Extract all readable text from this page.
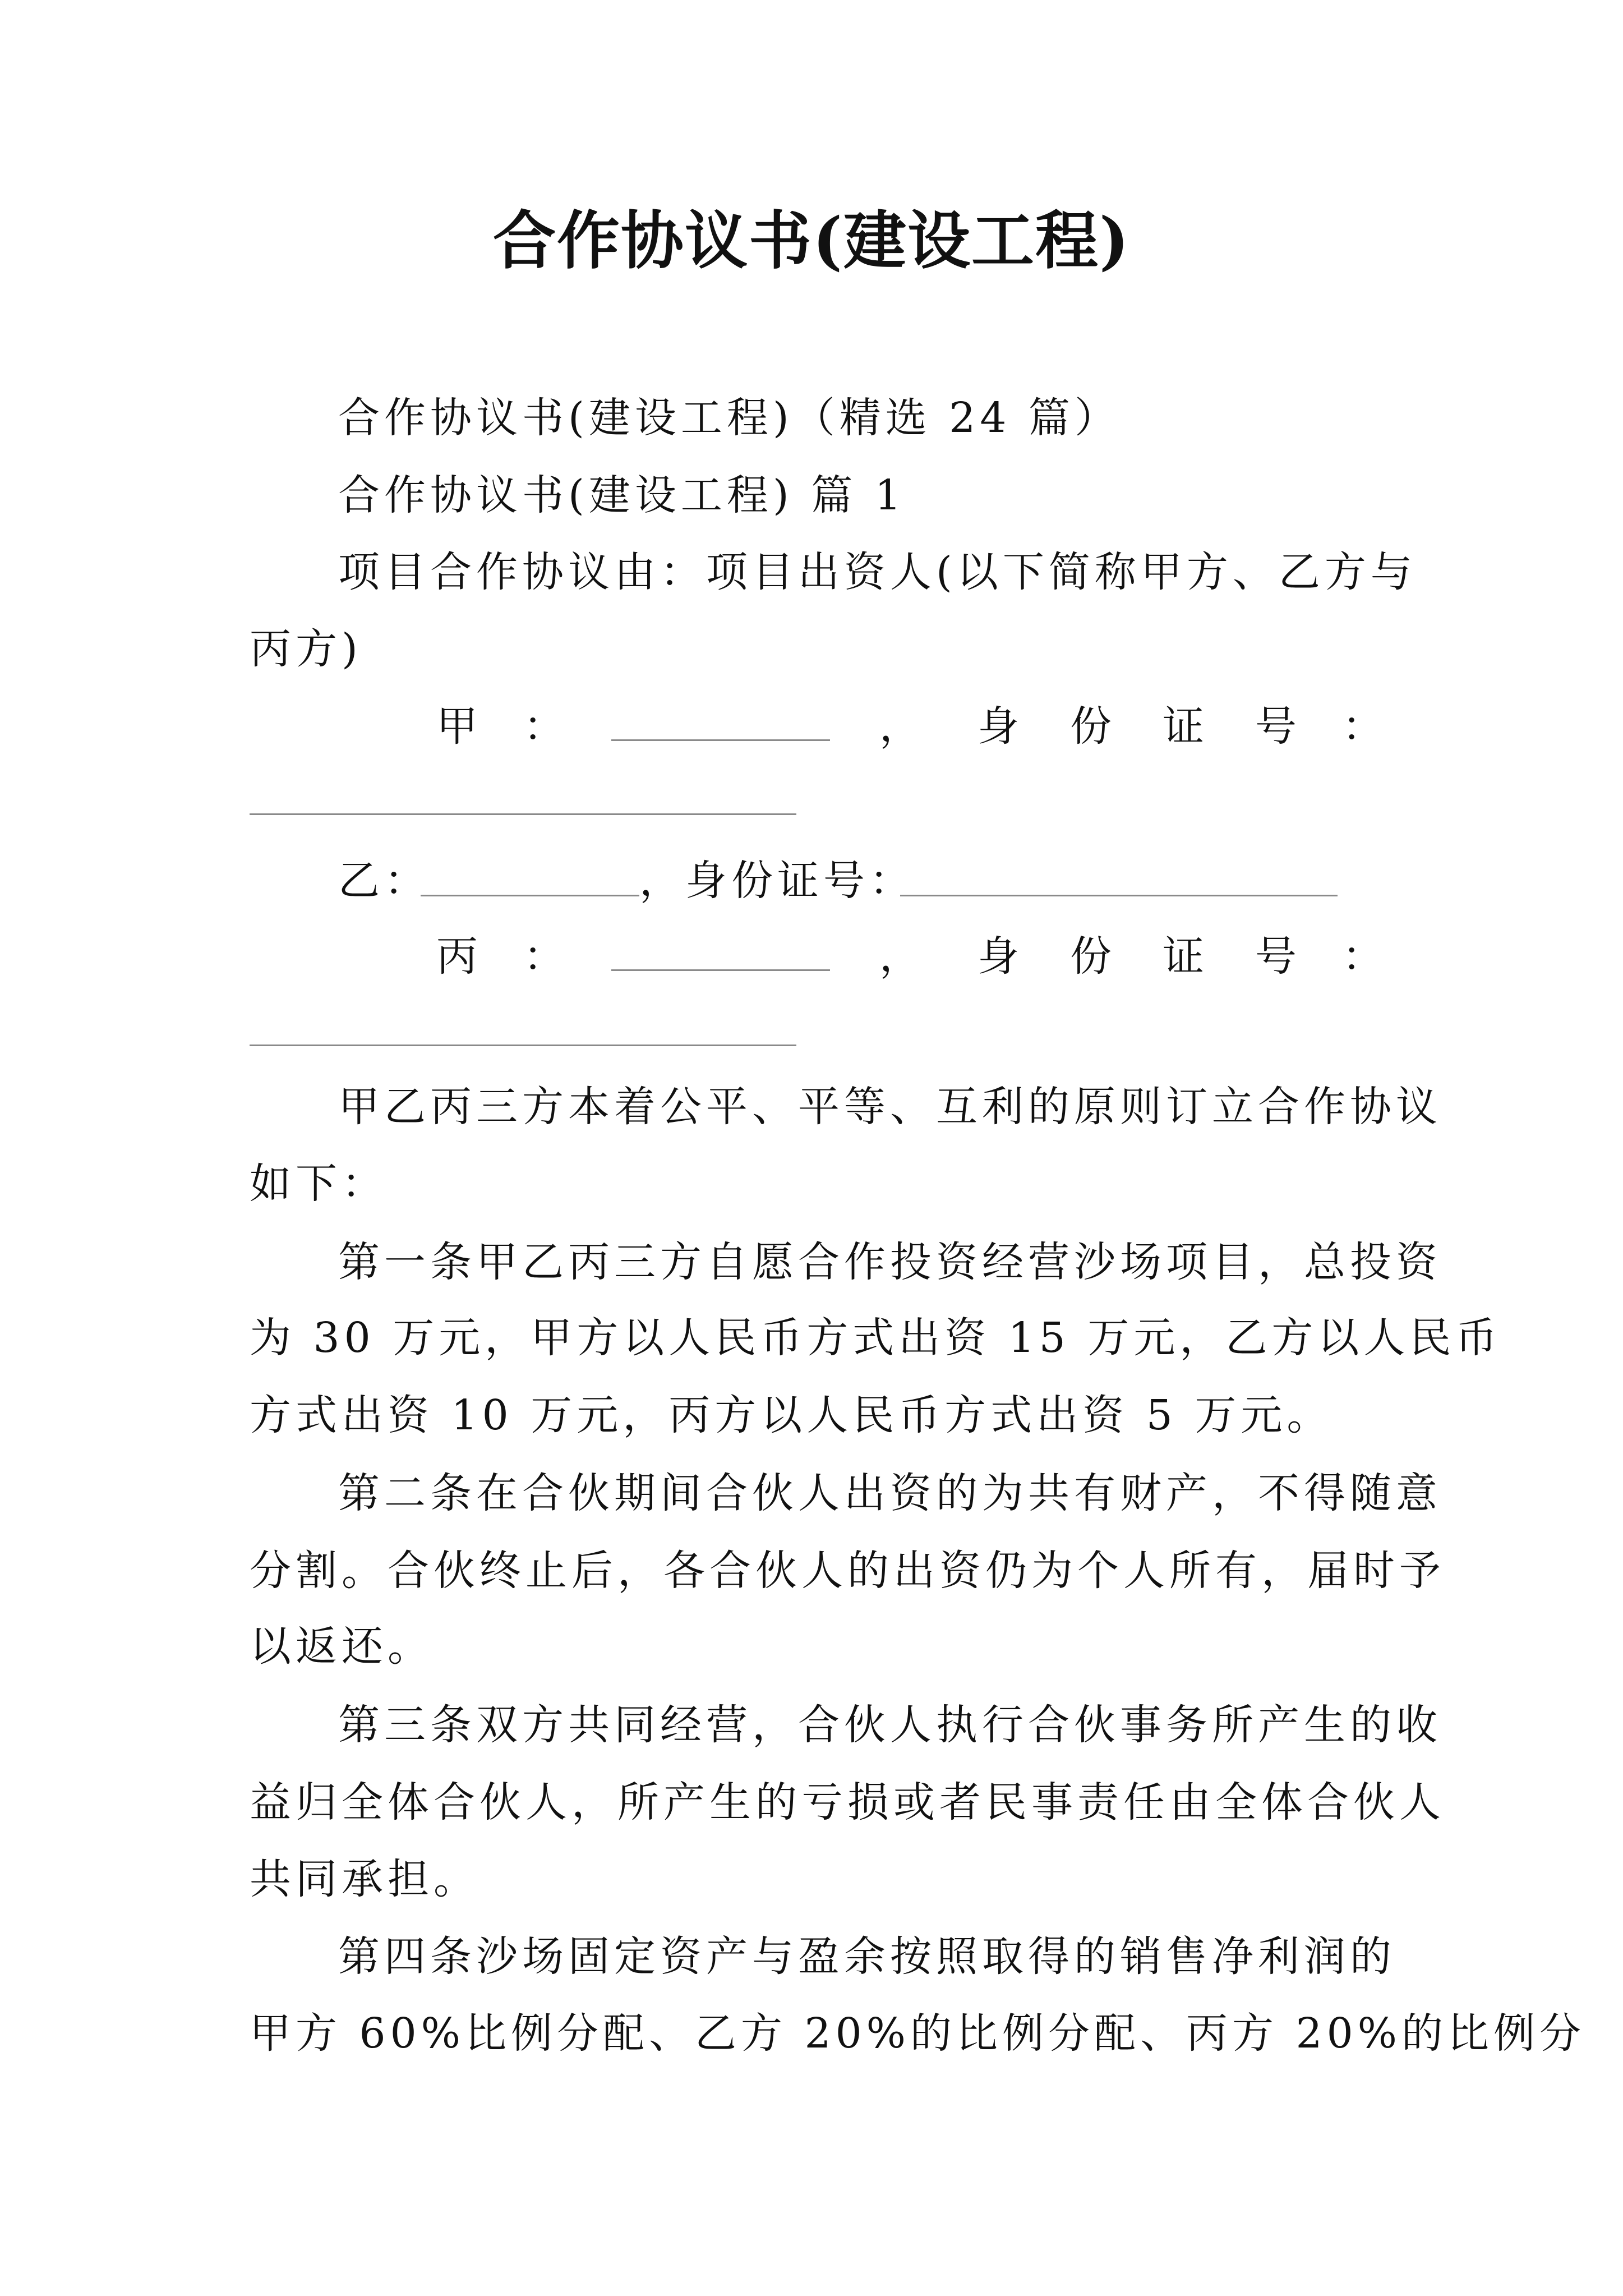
合作协议书(建设工程)
合作协议书(建设工程)（精选 24 篇）
合作协议书(建设工程) 篇 1
项目合作协议由：项目出资人(以下简称甲方、乙方与
丙方)
甲 ：	， 身 份 证 号 ：
乙：	，身份证号：
丙 ：	， 身 份 证 号 ：
甲乙丙三方本着公平、平等、互利的原则订立合作协议
如下：
第一条甲乙丙三方自愿合作投资经营沙场项目，总投资
为 30 万元，甲方以人民币方式出资 15 万元，乙方以人民币
方式出资 10 万元，丙方以人民币方式出资 5 万元。
第二条在合伙期间合伙人出资的为共有财产，不得随意
分割。合伙终止后，各合伙人的出资仍为个人所有，届时予
以返还。
第三条双方共同经营，合伙人执行合伙事务所产生的收
益归全体合伙人，所产生的亏损或者民事责任由全体合伙人
共同承担。
第四条沙场固定资产与盈余按照取得的销售净利润的
甲方 60%比例分配、乙方 20%的比例分配、丙方 20%的比例分
